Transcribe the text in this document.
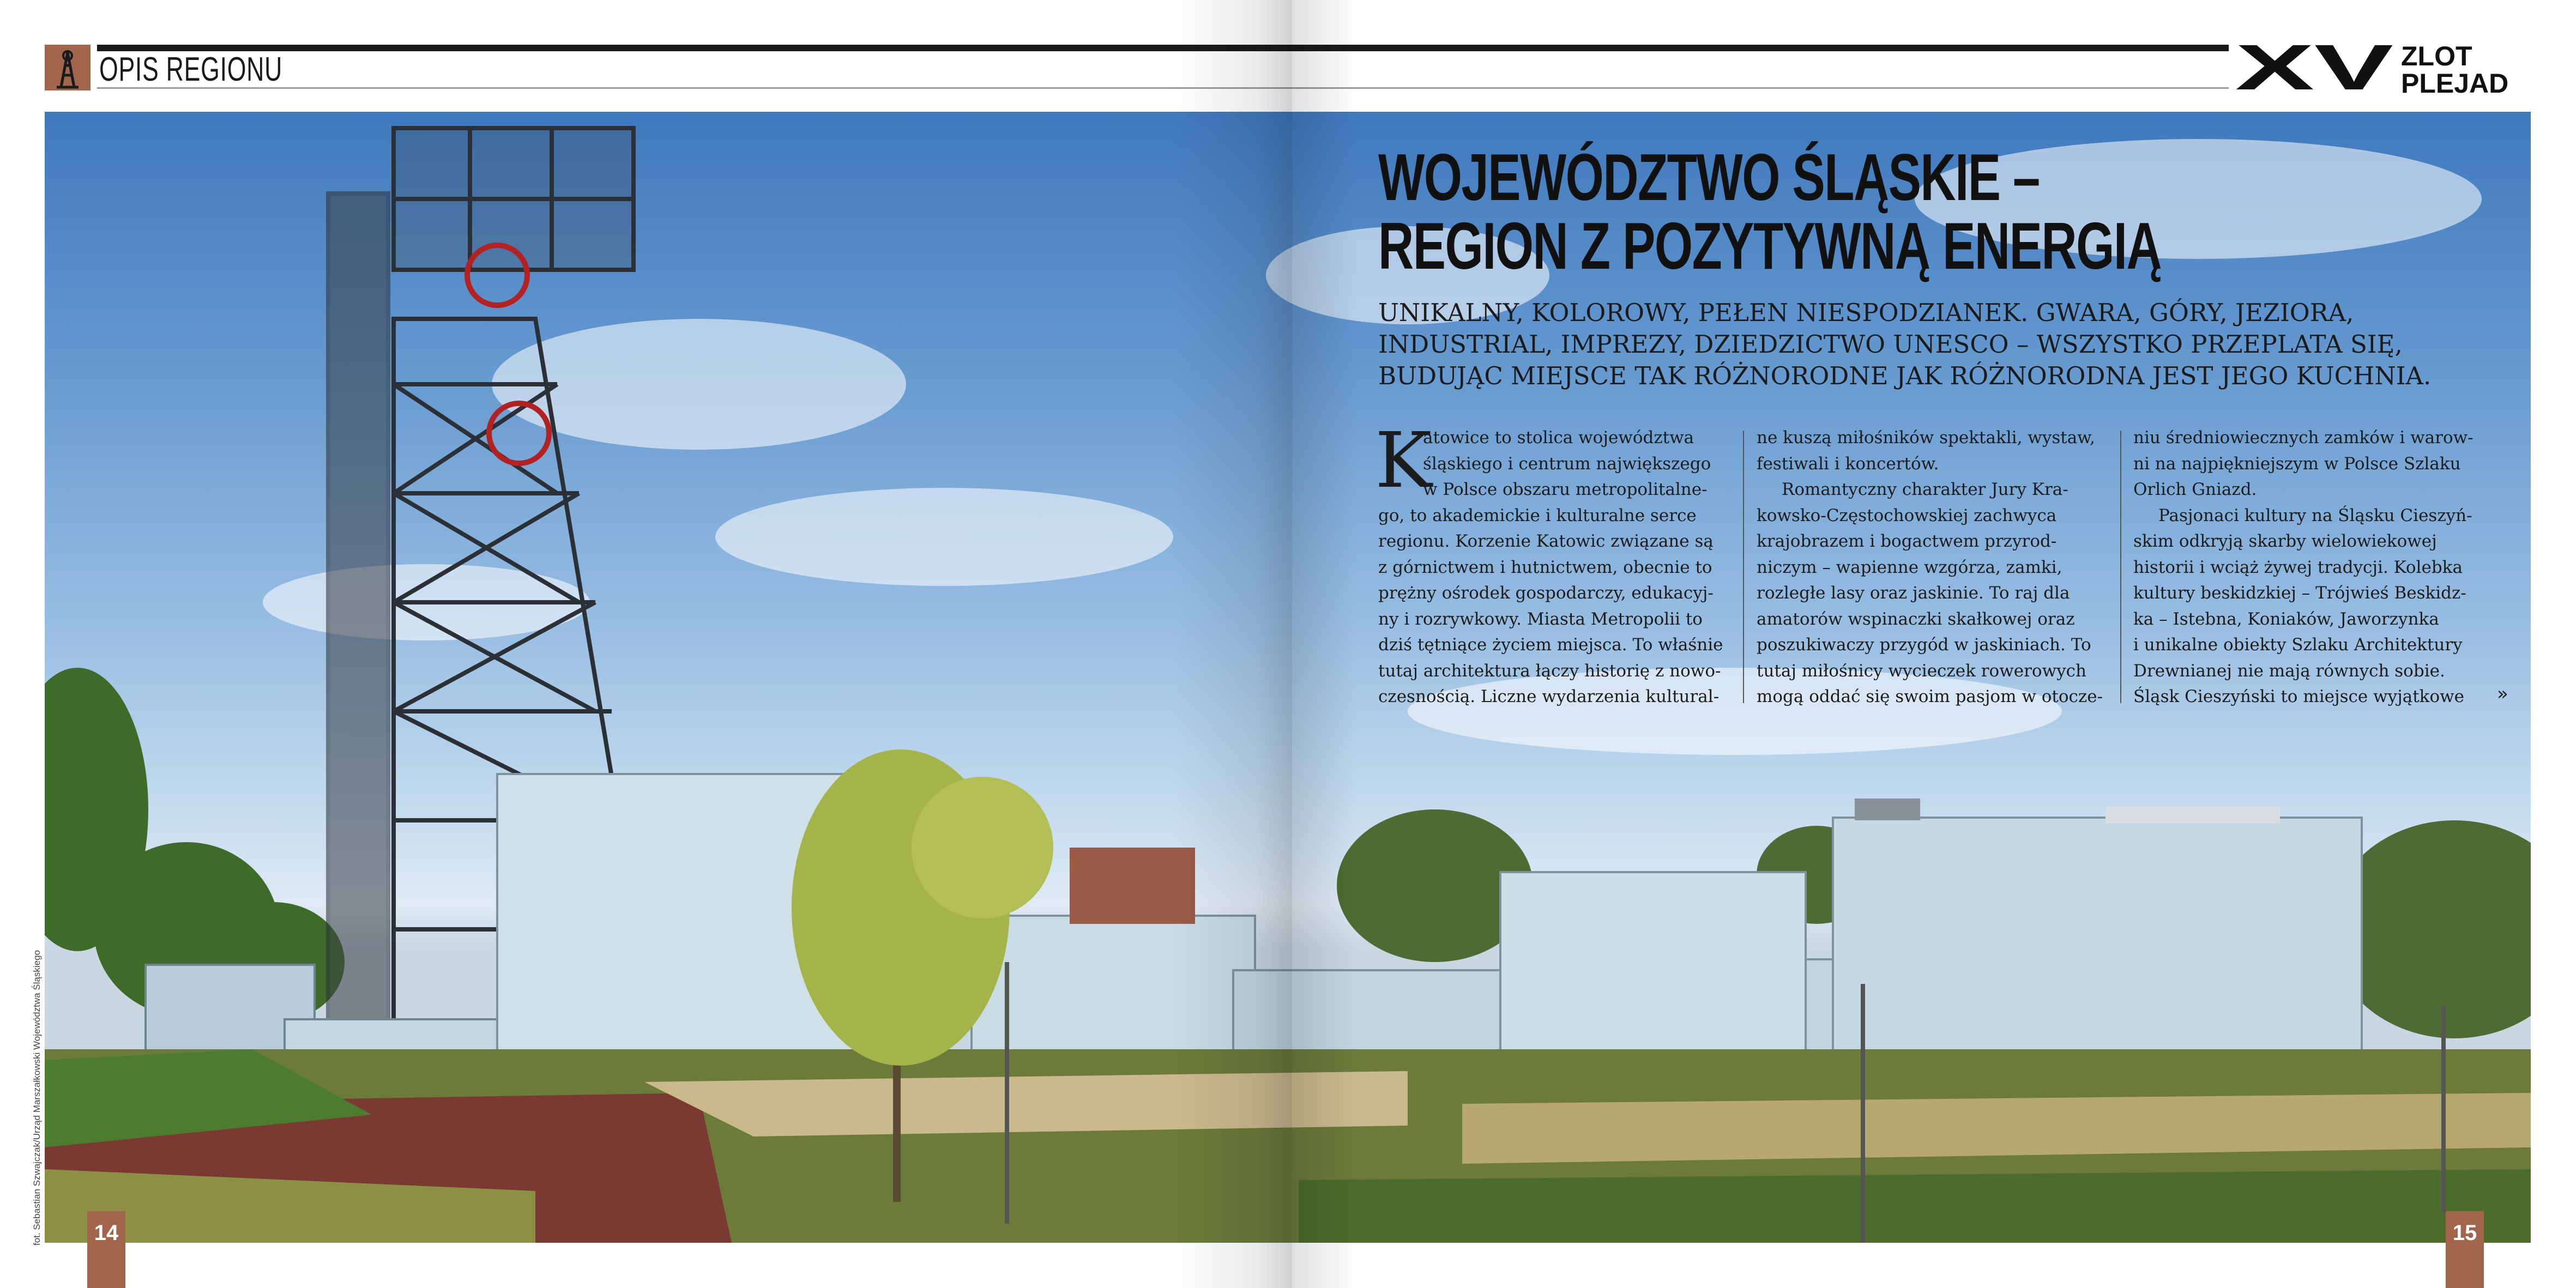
OPIS REGIONU	XV ZLOT
PLEJAD
WOJEWÓDZTWO ŚLĄSKIE –
REGION Z POZYTYWNĄ ENERGIĄ
UNIKALNY, KOLOROWY, PEŁEN NIESPODZIANEK. GWARA, GÓRY, JEZIORA,
INDUSTRIAL, IMPREZY, DZIEDZICTWO UNESCO – WSZYSTKO PRZEPLATA SIĘ,
BUDUJĄC MIEJSCE TAK RÓŻNORODNE JAK RÓŻNORODNA JEST JEGO KUCHNIA.
K
atowice to stolica województwa
śląskiego i centrum największego
w Polsce obszaru metropolitalne-
go, to akademickie i kulturalne serce
regionu. Korzenie Katowic związane są
z górnictwem i hutnictwem, obecnie to
prężny ośrodek gospodarczy, edukacyj-
ny i rozrywkowy. Miasta Metropolii to
dziś tętniące życiem miejsca. To właśnie
tutaj architektura łączy historię z nowo-
czesnością. Liczne wydarzenia kultural-
ne kuszą miłośników spektakli, wystaw,
festiwali i koncertów.
Romantyczny charakter Jury Kra-
kowsko-Częstochowskiej zachwyca
krajobrazem i bogactwem przyrod-
niczym – wapienne wzgórza, zamki,
rozległe lasy oraz jaskinie. To raj dla
amatorów wspinaczki skałkowej oraz
poszukiwaczy przygód w jaskiniach. To
tutaj miłośnicy wycieczek rowerowych
mogą oddać się swoim pasjom w otocze-
niu średniowiecznych zamków i warow-
ni na najpiękniejszym w Polsce Szlaku
Orlich Gniazd.
Pasjonaci kultury na Śląsku Cieszyń-
skim odkryją skarby wielowiekowej
historii i wciąż żywej tradycji. Kolebka
kultury beskidzkiej – Trójwieś Beskidz-
ka – Istebna, Koniaków, Jaworzynka
i unikalne obiekty Szlaku Architektury
Drewnianej nie mają równych sobie.
Śląsk Cieszyński to miejsce wyjątkowe	»
14	15
fot. Sebastian Szwajczak/Urząd Marszałkowski Województwa Śląskiego
